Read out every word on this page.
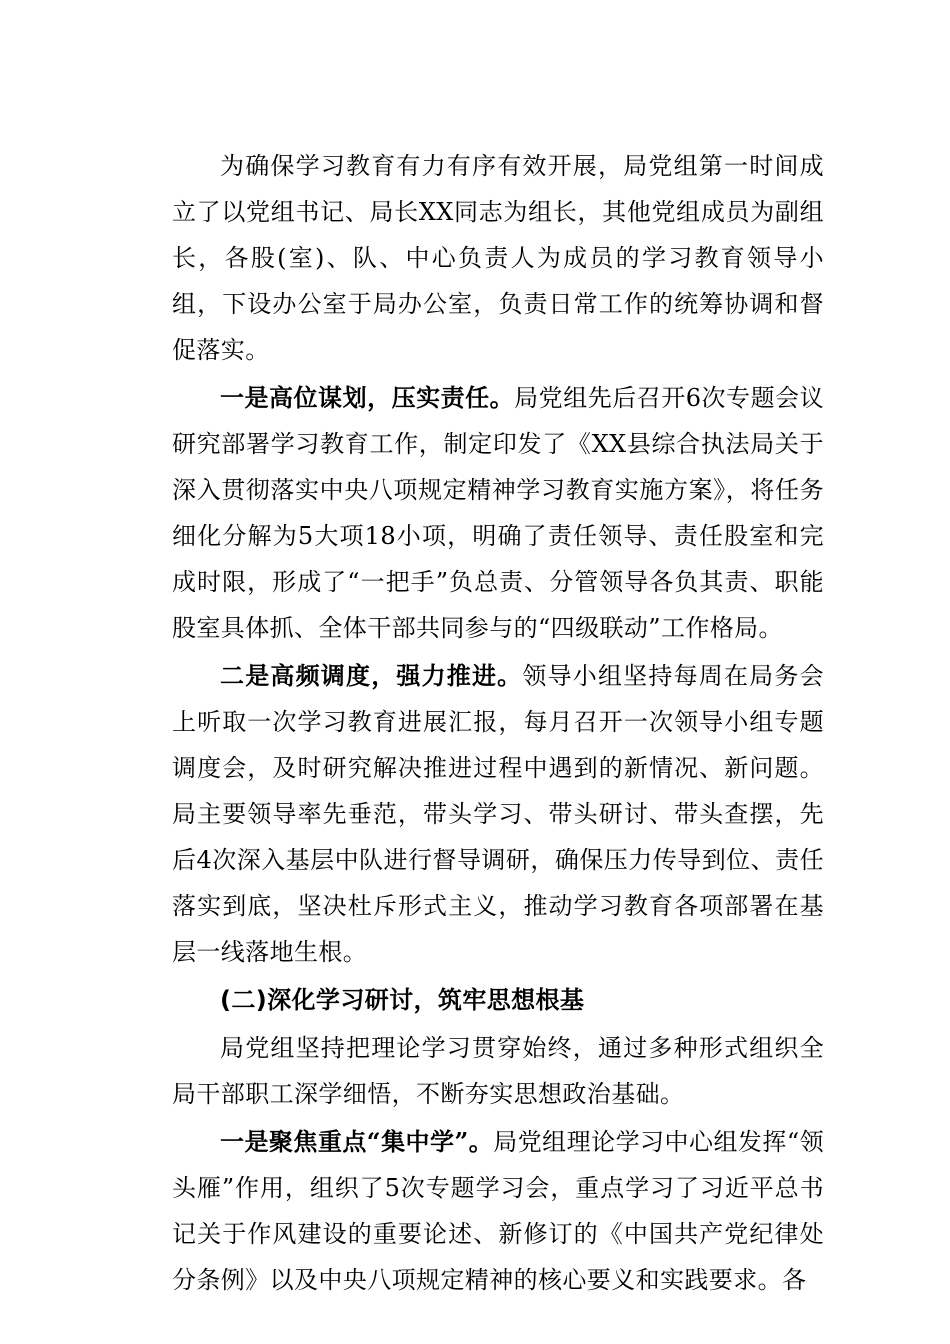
为确保学习教育有力有序有效开展，局党组第一时间成立了以党组书记、局长XX同志为组长，其他党组成员为副组长，各股(室)、队、中心负责人为成员的学习教育领导小组，下设办公室于局办公室，负责日常工作的统筹协调和督促落实。

一是高位谋划，压实责任。局党组先后召开6次专题会议研究部署学习教育工作，制定印发了《XX县综合执法局关于深入贯彻落实中央八项规定精神学习教育实施方案》，将任务细化分解为5大项18小项，明确了责任领导、责任股室和完成时限，形成了“一把手”负总责、分管领导各负其责、职能股室具体抓、全体干部共同参与的“四级联动”工作格局。

二是高频调度，强力推进。领导小组坚持每周在局务会上听取一次学习教育进展汇报，每月召开一次领导小组专题调度会，及时研究解决推进过程中遇到的新情况、新问题。局主要领导率先垂范，带头学习、带头研讨、带头查摆，先后4次深入基层中队进行督导调研，确保压力传导到位、责任落实到底，坚决杜斥形式主义，推动学习教育各项部署在基层一线落地生根。

(二)深化学习研讨，筑牢思想根基

局党组坚持把理论学习贯穿始终，通过多种形式组织全局干部职工深学细悟，不断夯实思想政治基础。

一是聚焦重点“集中学”。局党组理论学习中心组发挥“领头雁”作用，组织了5次专题学习会，重点学习了习近平总书记关于作风建设的重要论述、新修订的《中国共产党纪律处分条例》以及中央八项规定精神的核心要义和实践要求。各
